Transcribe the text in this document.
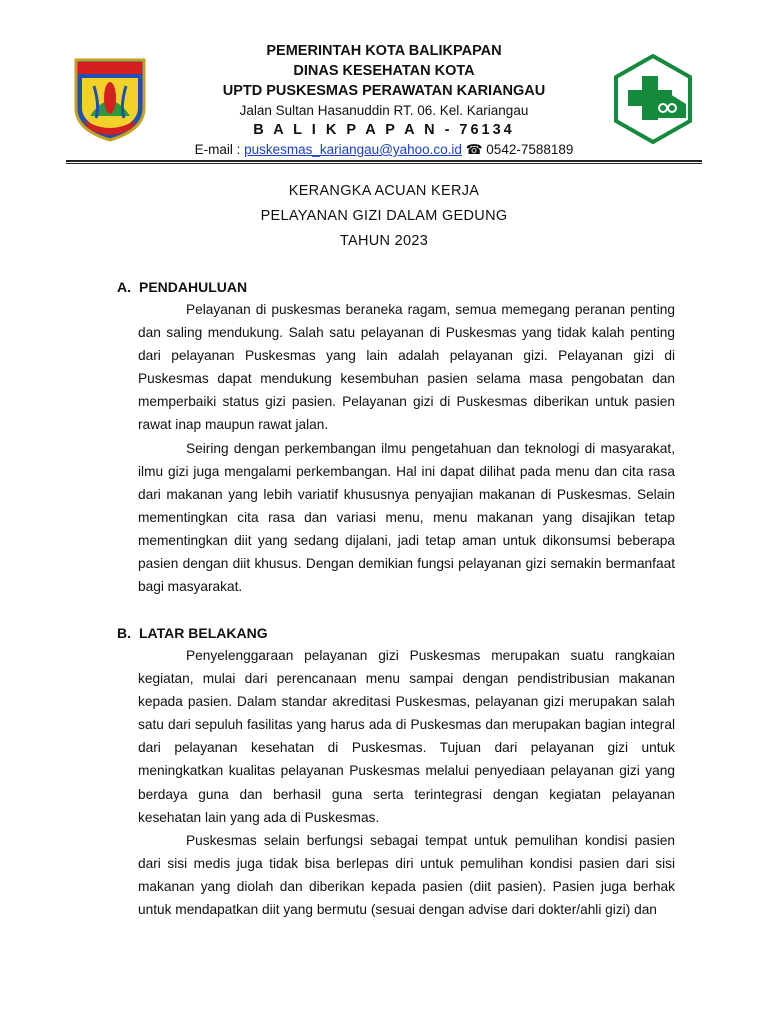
PEMERINTAH KOTA BALIKPAPAN
DINAS KESEHATAN KOTA
UPTD PUSKESMAS PERAWATAN KARIANGAU
Jalan Sultan Hasanuddin RT. 06. Kel. Kariangau
B A L I K P A P A N - 76134
E-mail : puskesmas_kariangau@yahoo.co.id ☎ 0542-7588189
KERANGKA ACUAN KERJA
PELAYANAN GIZI DALAM GEDUNG
TAHUN 2023
A. PENDAHULUAN

Pelayanan di puskesmas beraneka ragam, semua memegang peranan penting dan saling mendukung. Salah satu pelayanan di Puskesmas yang tidak kalah penting dari pelayanan Puskesmas yang lain adalah pelayanan gizi. Pelayanan gizi di Puskesmas dapat mendukung kesembuhan pasien selama masa pengobatan dan memperbaiki status gizi pasien. Pelayanan gizi di Puskesmas diberikan untuk pasien rawat inap maupun rawat jalan.

Seiring dengan perkembangan ilmu pengetahuan dan teknologi di masyarakat, ilmu gizi juga mengalami perkembangan. Hal ini dapat dilihat pada menu dan cita rasa dari makanan yang lebih variatif khususnya penyajian makanan di Puskesmas. Selain mementingkan cita rasa dan variasi menu, menu makanan yang disajikan tetap mementingkan diit yang sedang dijalani, jadi tetap aman untuk dikonsumsi beberapa pasien dengan diit khusus. Dengan demikian fungsi pelayanan gizi semakin bermanfaat bagi masyarakat.

B. LATAR BELAKANG

Penyelenggaraan pelayanan gizi Puskesmas merupakan suatu rangkaian kegiatan, mulai dari perencanaan menu sampai dengan pendistribusian makanan kepada pasien. Dalam standar akreditasi Puskesmas, pelayanan gizi merupakan salah satu dari sepuluh fasilitas yang harus ada di Puskesmas dan merupakan bagian integral dari pelayanan kesehatan di Puskesmas. Tujuan dari pelayanan gizi untuk meningkatkan kualitas pelayanan Puskesmas melalui penyediaan pelayanan gizi yang berdaya guna dan berhasil guna serta terintegrasi dengan kegiatan pelayanan kesehatan lain yang ada di Puskesmas.

Puskesmas selain berfungsi sebagai tempat untuk pemulihan kondisi pasien dari sisi medis juga tidak bisa berlepas diri untuk pemulihan kondisi pasien dari sisi makanan yang diolah dan diberikan kepada pasien (diit pasien). Pasien juga berhak untuk mendapatkan diit yang bermutu (sesuai dengan advise dari dokter/ahli gizi) dan
